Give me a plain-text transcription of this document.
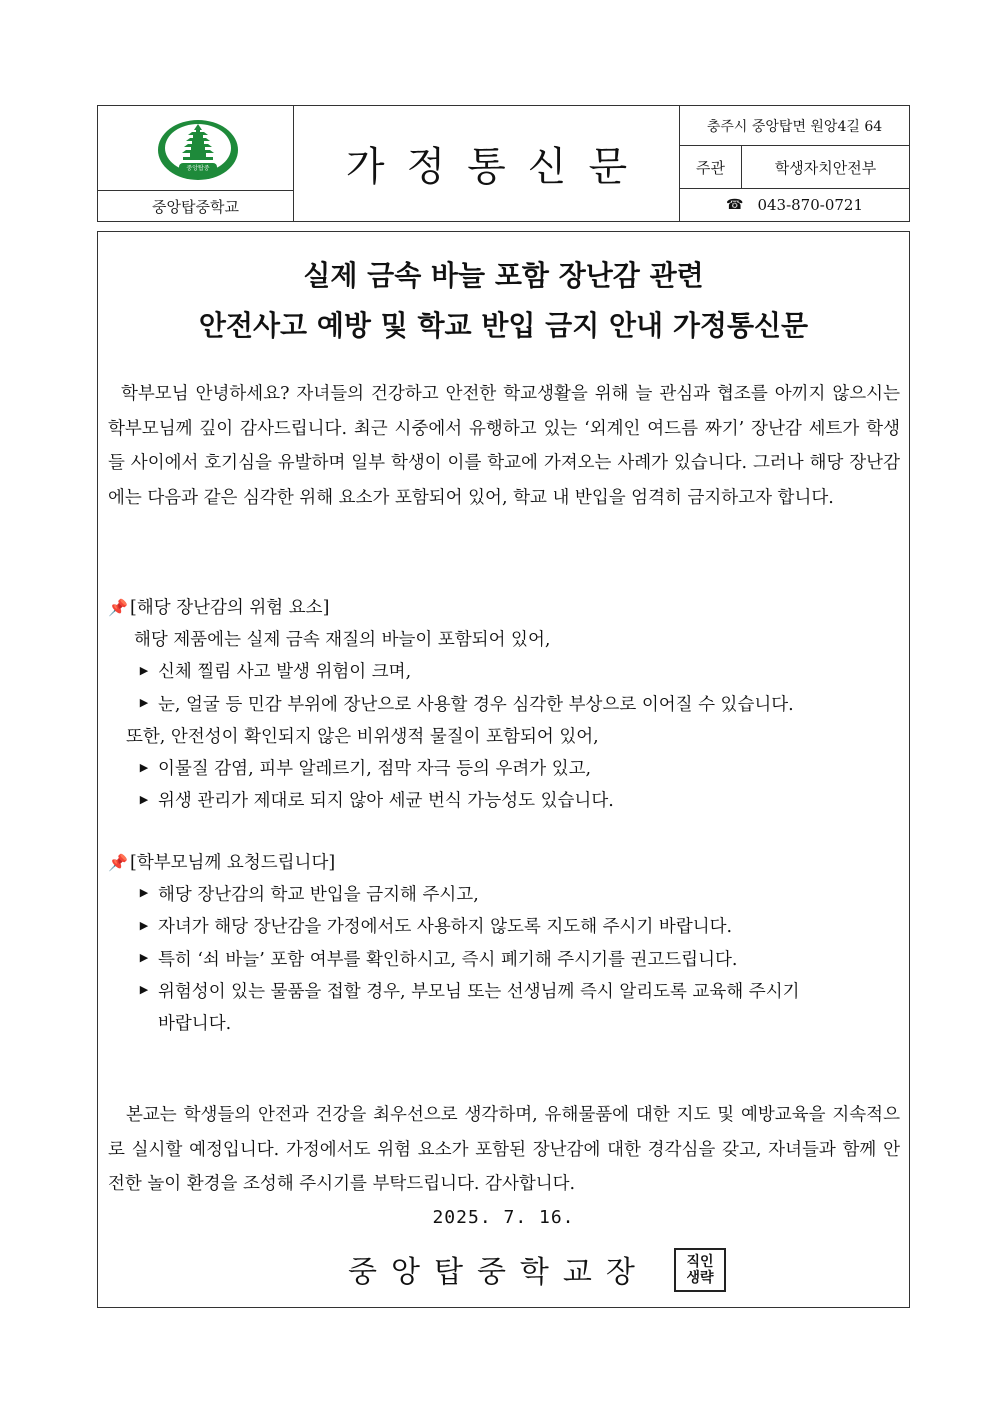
중앙탑중
중앙탑중학교
가정통신문
충주시 중앙탑면 원앙4길 64
주관	학생자치안전부
☎ 043-870-0721
실제 금속 바늘 포함 장난감 관련
안전사고 예방 및 학교 반입 금지 안내 가정통신문
학부모님 안녕하세요? 자녀들의 건강하고 안전한 학교생활을 위해 늘 관심과 협조를 아끼지 않으시는 학부모님께 깊이 감사드립니다. 최근 시중에서 유행하고 있는 ‘외계인 여드름 짜기’ 장난감 세트가 학생들 사이에서 호기심을 유발하며 일부 학생이 이를 학교에 가져오는 사례가 있습니다. 그러나 해당 장난감에는 다음과 같은 심각한 위해 요소가 포함되어 있어, 학교 내 반입을 엄격히 금지하고자 합니다.
📌 [해당 장난감의 위험 요소]
해당 제품에는 실제 금속 재질의 바늘이 포함되어 있어,
▶ 신체 찔림 사고 발생 위험이 크며,
▶ 눈, 얼굴 등 민감 부위에 장난으로 사용할 경우 심각한 부상으로 이어질 수 있습니다.
또한, 안전성이 확인되지 않은 비위생적 물질이 포함되어 있어,
▶ 이물질 감염, 피부 알레르기, 점막 자극 등의 우려가 있고,
▶ 위생 관리가 제대로 되지 않아 세균 번식 가능성도 있습니다.
📌 [학부모님께 요청드립니다]
▶ 해당 장난감의 학교 반입을 금지해 주시고,
▶ 자녀가 해당 장난감을 가정에서도 사용하지 않도록 지도해 주시기 바랍니다.
▶ 특히 ‘쇠 바늘’ 포함 여부를 확인하시고, 즉시 폐기해 주시기를 권고드립니다.
▶ 위험성이 있는 물품을 접할 경우, 부모님 또는 선생님께 즉시 알리도록 교육해 주시기
바랍니다.
본교는 학생들의 안전과 건강을 최우선으로 생각하며, 유해물품에 대한 지도 및 예방교육을 지속적으로 실시할 예정입니다. 가정에서도 위험 요소가 포함된 장난감에 대한 경각심을 갖고, 자녀들과 함께 안전한 놀이 환경을 조성해 주시기를 부탁드립니다. 감사합니다.
2025. 7. 16.
중앙탑중학교장	직인
생략
